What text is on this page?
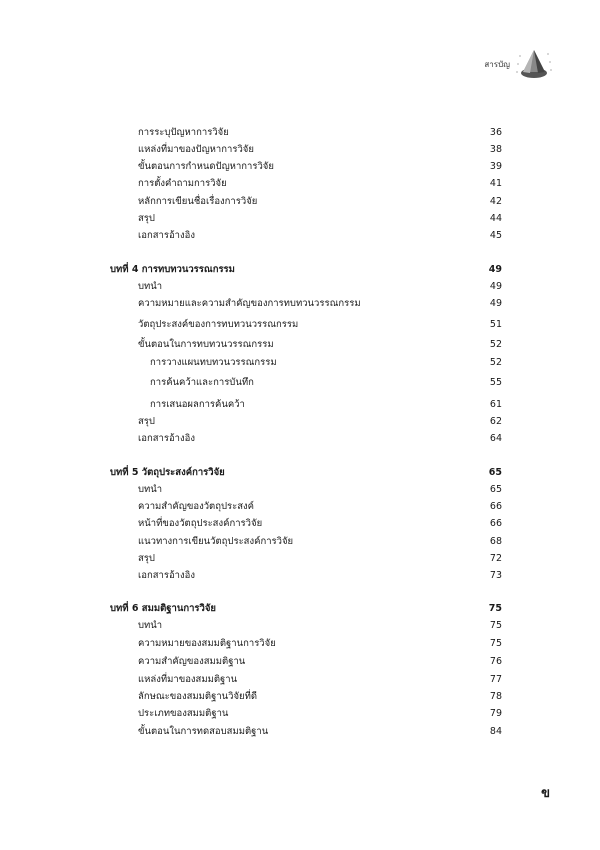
สารบัญ
การระบุปัญหาการวิจัย	36
แหล่งที่มาของปัญหาการวิจัย	38
ขั้นตอนการกำหนดปัญหาการวิจัย	39
การตั้งคำถามการวิจัย	41
หลักการเขียนชื่อเรื่องการวิจัย	42
สรุป	44
เอกสารอ้างอิง	45
บทที่ 4 การทบทวนวรรณกรรม	49
บทนำ	49
ความหมายและความสำคัญของการทบทวนวรรณกรรม	49
วัตถุประสงค์ของการทบทวนวรรณกรรม	51
ขั้นตอนในการทบทวนวรรณกรรม	52
การวางแผนทบทวนวรรณกรรม	52
การค้นคว้าและการบันทึก	55
การเสนอผลการค้นคว้า	61
สรุป	62
เอกสารอ้างอิง	64
บทที่ 5 วัตถุประสงค์การวิจัย	65
บทนำ	65
ความสำคัญของวัตถุประสงค์	66
หน้าที่ของวัตถุประสงค์การวิจัย	66
แนวทางการเขียนวัตถุประสงค์การวิจัย	68
สรุป	72
เอกสารอ้างอิง	73
บทที่ 6 สมมติฐานการวิจัย	75
บทนำ	75
ความหมายของสมมติฐานการวิจัย	75
ความสำคัญของสมมติฐาน	76
แหล่งที่มาของสมมติฐาน	77
ลักษณะของสมมติฐานวิจัยที่ดี	78
ประเภทของสมมติฐาน	79
ขั้นตอนในการทดสอบสมมติฐาน	84
ข
